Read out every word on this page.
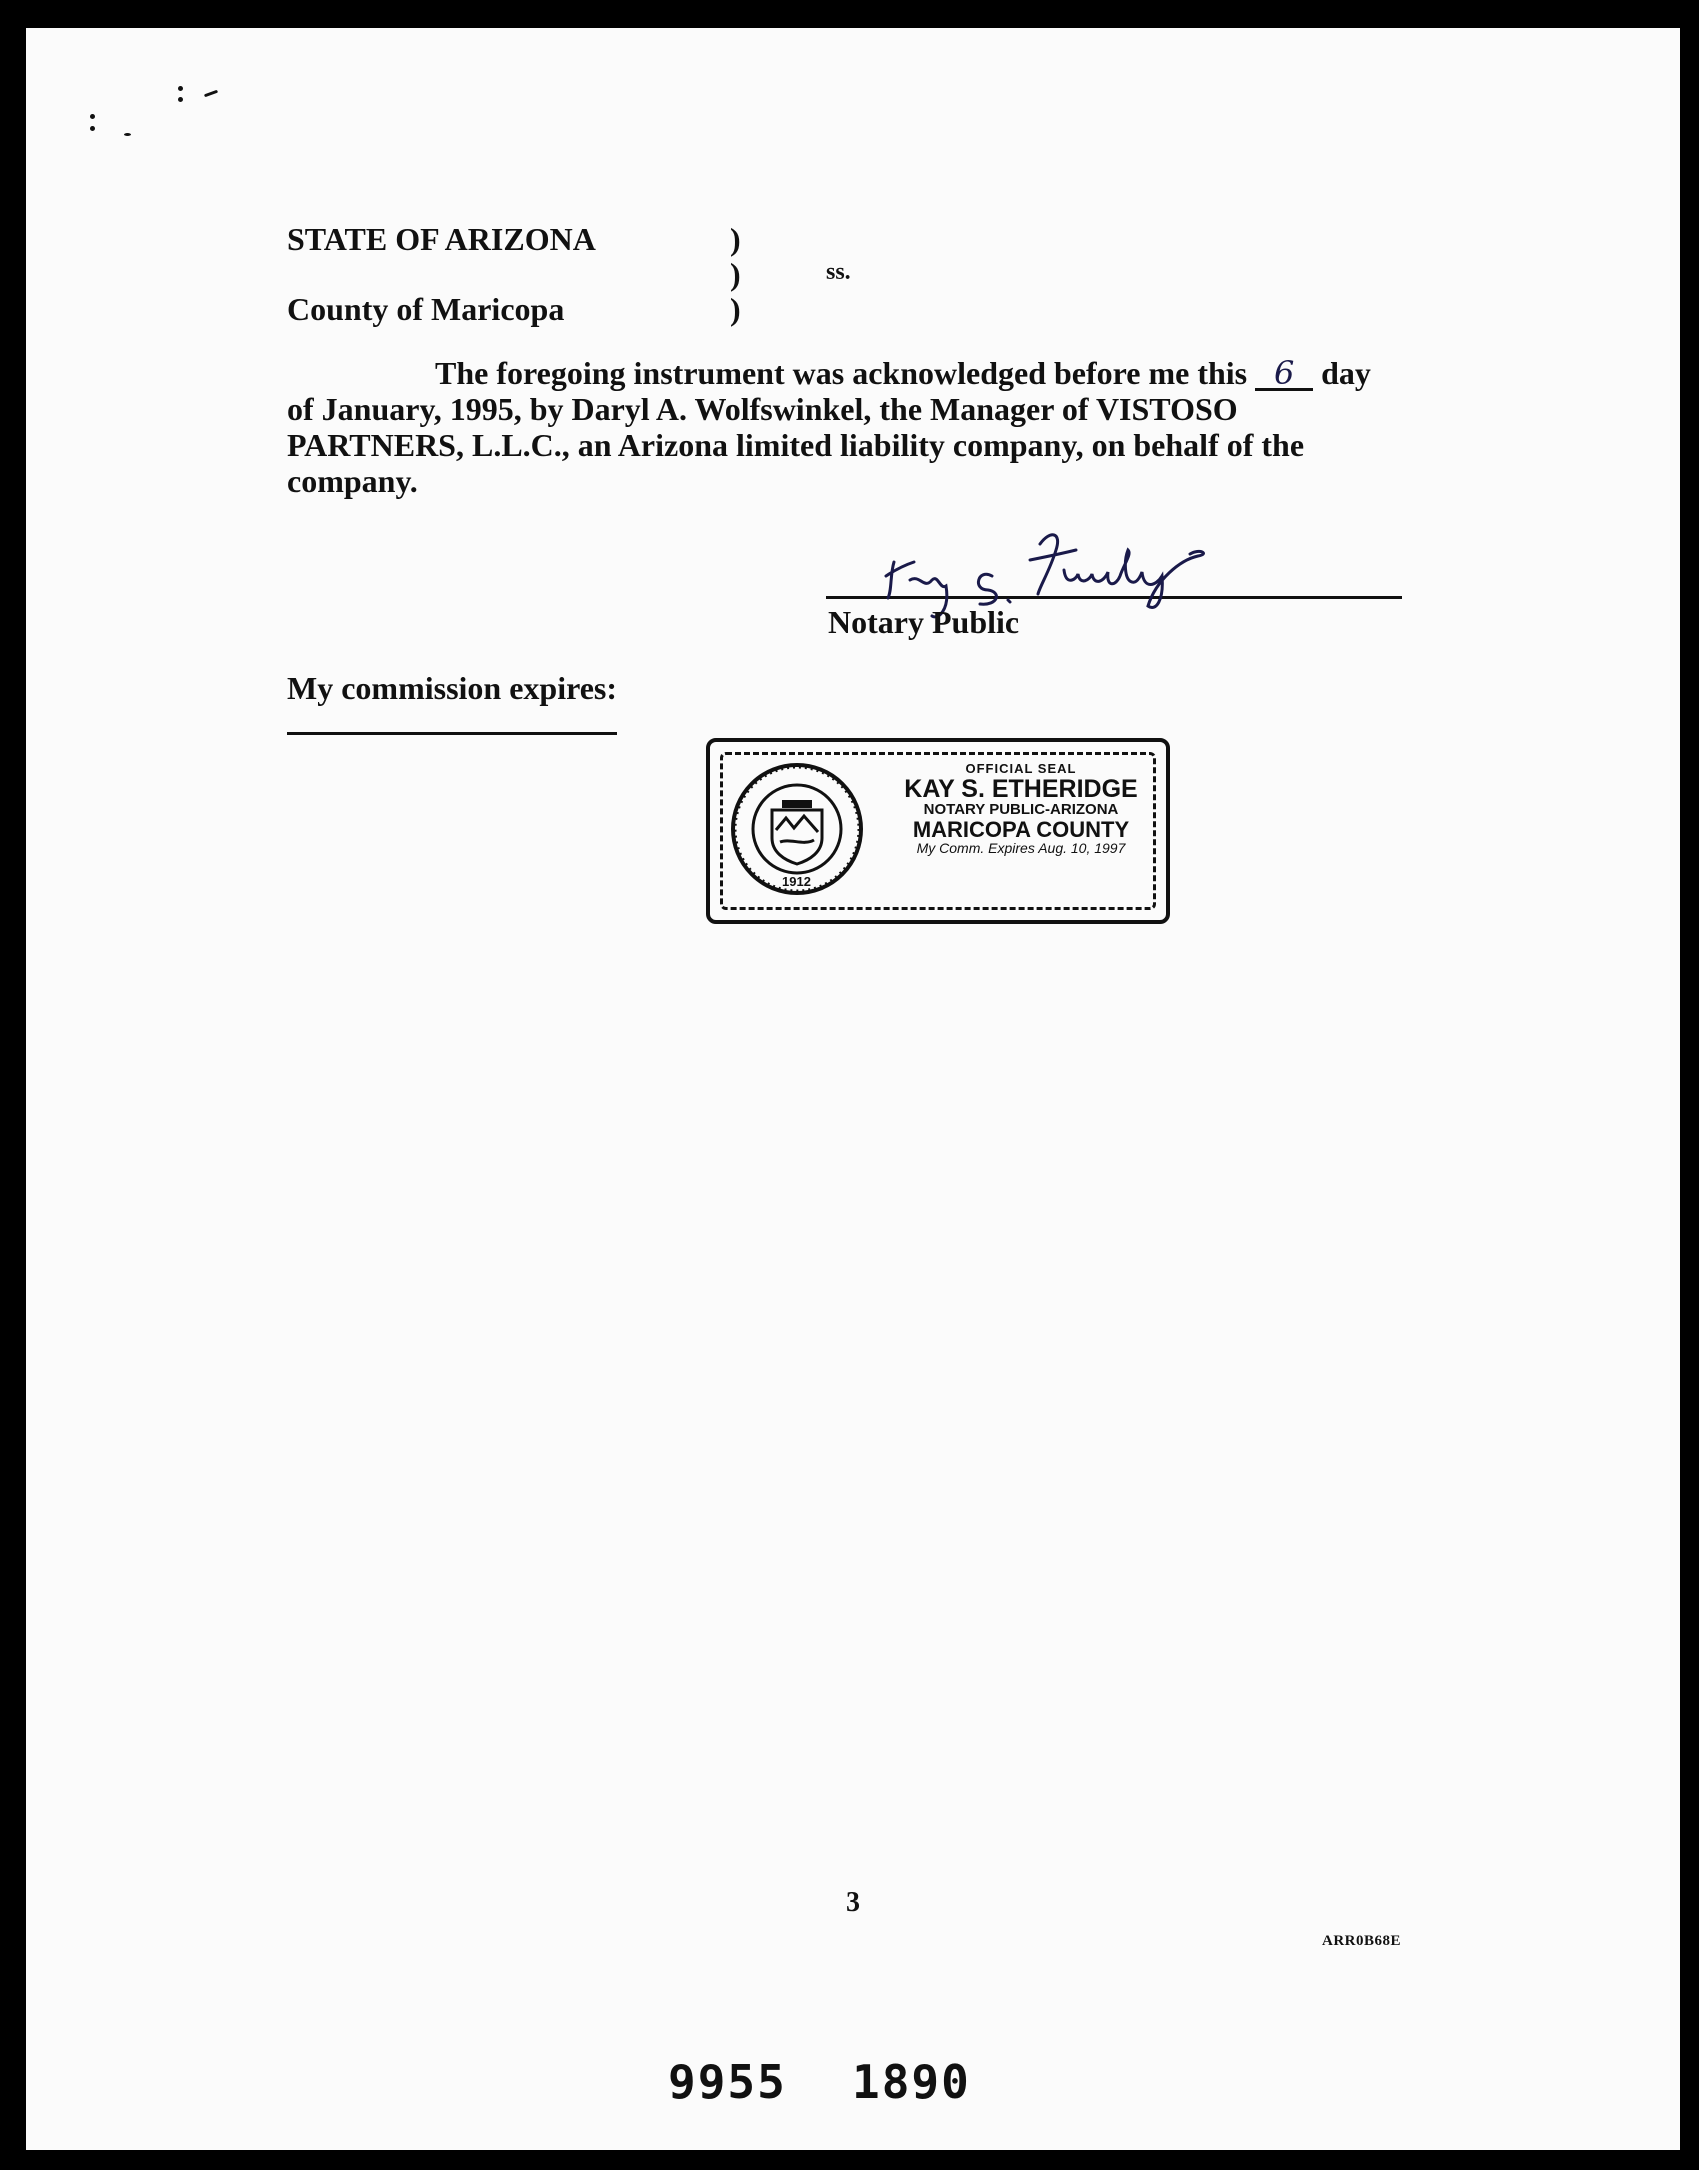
STATE OF ARIZONA
County of Maricopa
)
)
)
ss.
The foregoing instrument was acknowledged before me this 6 day of January, 1995, by Daryl A. Wolfswinkel, the Manager of VISTOSO PARTNERS, L.L.C., an Arizona limited liability company, on behalf of the company.
Notary Public
My commission expires:
1912
OFFICIAL SEAL
KAY S. ETHERIDGE
NOTARY PUBLIC-ARIZONA
MARICOPA COUNTY
My Comm. Expires Aug. 10, 1997
3
ARR0B68E
9955 1890
